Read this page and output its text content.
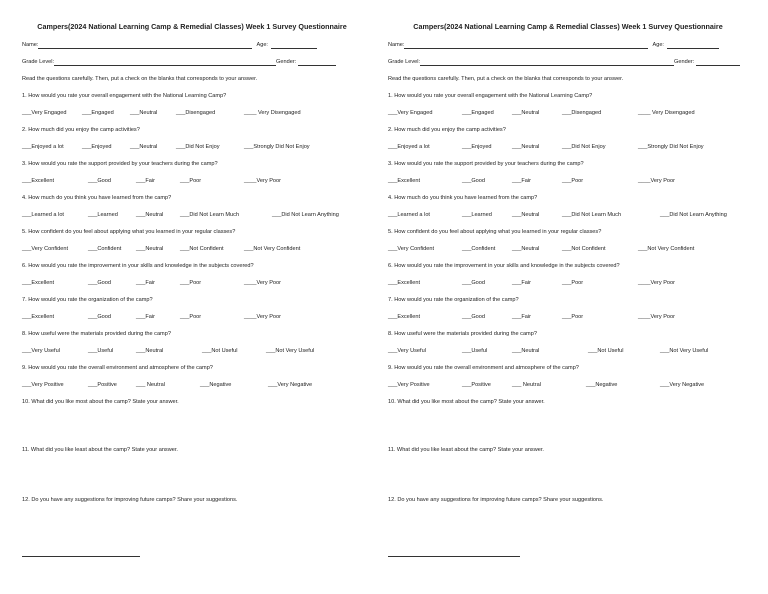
Campers(2024 National Learning Camp & Remedial Classes) Week 1 Survey Questionnaire
Name:	Age:
Grade Level:	Gender:
Read the questions carefully. Then, put a check on the blanks that corresponds to your answer.
1. How would you rate your overall engagement with the National Learning Camp?
___Very Engaged	___Engaged	___Neutral	___Disengaged	____ Very Disengaged
2. How much did you enjoy the camp activities?
___Enjoyed a lot	___Enjoyed	___Neutral	___Did Not Enjoy	___Strongly Did Not Enjoy
3. How would you rate the support provided by your teachers during the camp?
___Excellent	___Good	___Fair	___Poor	____Very Poor
4. How much do you think you have learned from the camp?
___Learned a lot	___Learned	___Neutral	___Did Not Learn Much	___Did Not Learn Anything
5. How confident do you feel about applying what you learned in your regular classes?
___Very Confident	___Confident	___Neutral	___Not Confident	___Not Very Confident
6. How would you rate the improvement in your skills and knowledge in the subjects covered?
___Excellent	___Good	___Fair	___Poor	____Very Poor
7. How would you rate the organization of the camp?
___Excellent	___Good	___Fair	___Poor	____Very Poor
8. How useful were the materials provided during the camp?
___Very Useful	___Useful	___Neutral	___Not Useful	___Not Very Useful
9. How would you rate the overall environment and atmosphere of the camp?
___Very Positive	___Positive	___ Neutral	___Negative	___Very Negative
10. What did you like most about the camp? State your answer.
11. What did you like least about the camp? State your answer.
12. Do you have any suggestions for improving future camps? Share your suggestions.
Campers(2024 National Learning Camp & Remedial Classes) Week 1 Survey Questionnaire
Name:	Age:
Grade Level:	Gender:
Read the questions carefully. Then, put a check on the blanks that corresponds to your answer.
1. How would you rate your overall engagement with the National Learning Camp?
___Very Engaged	___Engaged	___Neutral	___Disengaged	____ Very Disengaged
2. How much did you enjoy the camp activities?
___Enjoyed a lot	___Enjoyed	___Neutral	___Did Not Enjoy	___Strongly Did Not Enjoy
3. How would you rate the support provided by your teachers during the camp?
___Excellent	___Good	___Fair	___Poor	____Very Poor
4. How much do you think you have learned from the camp?
___Learned a lot	___Learned	___Neutral	___Did Not Learn Much	___Did Not Learn Anything
5. How confident do you feel about applying what you learned in your regular classes?
___Very Confident	___Confident	___Neutral	___Not Confident	___Not Very Confident
6. How would you rate the improvement in your skills and knowledge in the subjects covered?
___Excellent	___Good	___Fair	___Poor	____Very Poor
7. How would you rate the organization of the camp?
___Excellent	___Good	___Fair	___Poor	____Very Poor
8. How useful were the materials provided during the camp?
___Very Useful	___Useful	___Neutral	___Not Useful	___Not Very Useful
9. How would you rate the overall environment and atmosphere of the camp?
___Very Positive	___Positive	___ Neutral	___Negative	___Very Negative
10. What did you like most about the camp? State your answer.
11. What did you like least about the camp? State your answer.
12. Do you have any suggestions for improving future camps? Share your suggestions.
